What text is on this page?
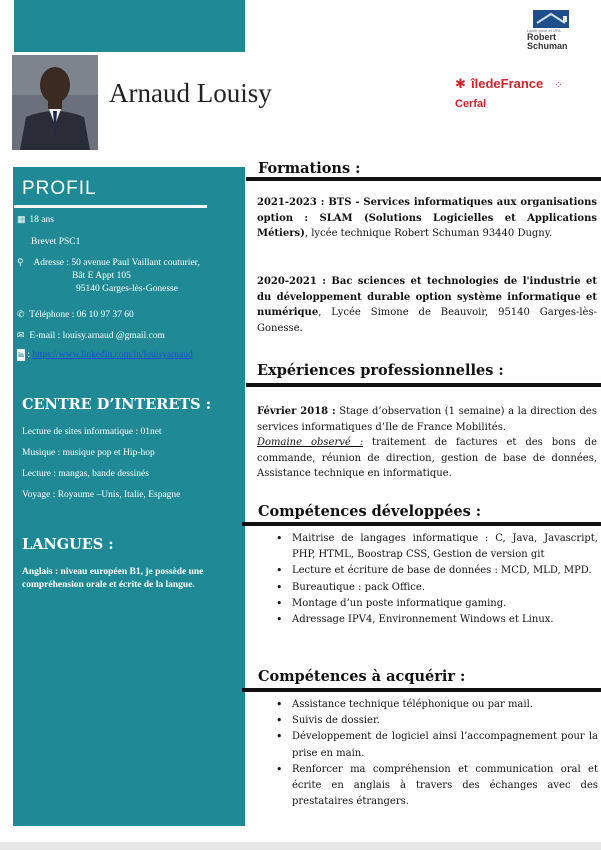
Arnaud Louisy
Lycée privé et UFA
Robert
Schuman
✱ îledeFrance ⁘ Cerfal
PROFIL
▦ 18 ans
Brevet PSC1
⚲ Adresse : 50 avenue Paul Vaillant couturier,
Bât E Appt 105
95140 Garges-lès-Gonesse
✆ Téléphone : 06 10 97 37 60
✉ E-mail : louisy.arnaud @gmail.com
in : https://www.linkedin.com/in/louisyarnaud
CENTRE D’INTERETS :
Lecture de sites informatique : 01net
Musique : musique pop et Hip-hop
Lecture : mangas, bande dessinés
Voyage : Royaume –Unis, Italie, Espagne
LANGUES :
Anglais : niveau européen B1, je possède une compréhension orale et écrite de la langue.
Formations :
2021-2023 : BTS - Services informatiques aux organisations option : SLAM (Solutions Logicielles et Applications Métiers), lycée technique Robert Schuman 93440 Dugny.
2020-2021 : Bac sciences et technologies de l'industrie et du développement durable option système informatique et numérique, Lycée Simone de Beauvoir, 95140 Garges-lès-Gonesse.
Expériences professionnelles :
Février 2018 : Stage d’observation (1 semaine) a la direction des services informatiques d’Ile de France Mobilités.
Domaine observé : traitement de factures et des bons de commande, réunion de direction, gestion de base de données, Assistance technique en informatique.
Compétences développées :
• Maitrise de langages informatique : C, Java, Javascript, PHP, HTML, Boostrap CSS, Gestion de version git
• Lecture et écriture de base de données : MCD, MLD, MPD.
• Bureautique : pack Office.
• Montage d’un poste informatique gaming.
• Adressage IPV4, Environnement Windows et Linux.
Compétences à acquérir :
• Assistance technique téléphonique ou par mail.
• Suivis de dossier.
• Développement de logiciel ainsi l’accompagnement pour la prise en main.
• Renforcer ma compréhension et communication oral et écrite en anglais à travers des échanges avec des prestataires étrangers.
